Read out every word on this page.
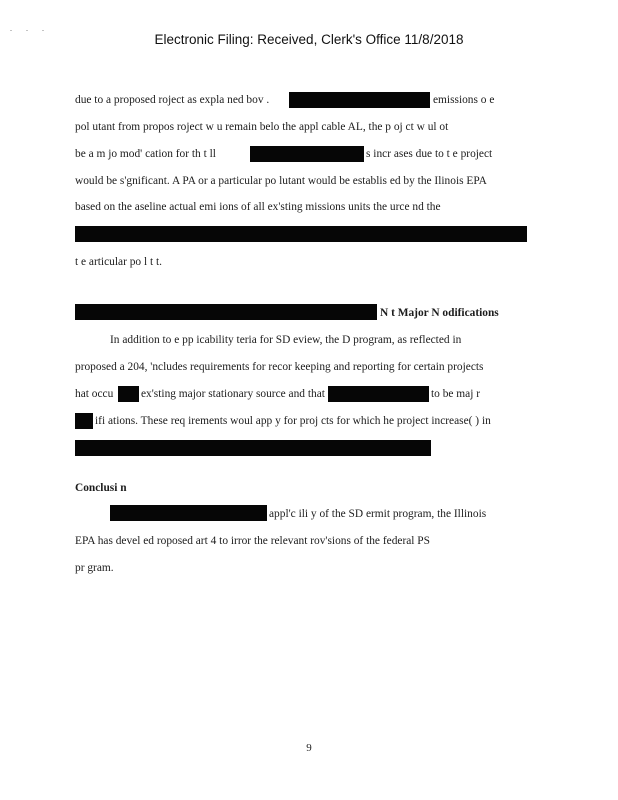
. . .
Electronic Filing: Received, Clerk's Office 11/8/2018
due to a proposed roject as expla ned bov .	emissions o e
pol utant from propos roject w u remain belo the appl cable AL, the p oj ct w ul ot
be a m jo mod' cation for th t ll	s incr ases due to t e project
would be s'gnificant. A PA or a particular po lutant would be establis ed by the Ilinois EPA
based on the aseline actual emi ions of all ex'sting missions units the urce nd the
t e articular po l t t.
N t Major N odifications
In addition to e pp icability teria for SD eview, the D program, as reflected in
proposed a 204, 'ncludes requirements for recor keeping and reporting for certain projects
hat occu ex'sting major stationary source and that	to be maj r
ifi ations. These req irements woul app y for proj cts for which he project increase( ) in
Conclusi n
appl'c ili y of the SD ermit program, the Illinois
EPA has devel ed roposed art 4 to irror the relevant rov'sions of the federal PS
pr gram.
9
